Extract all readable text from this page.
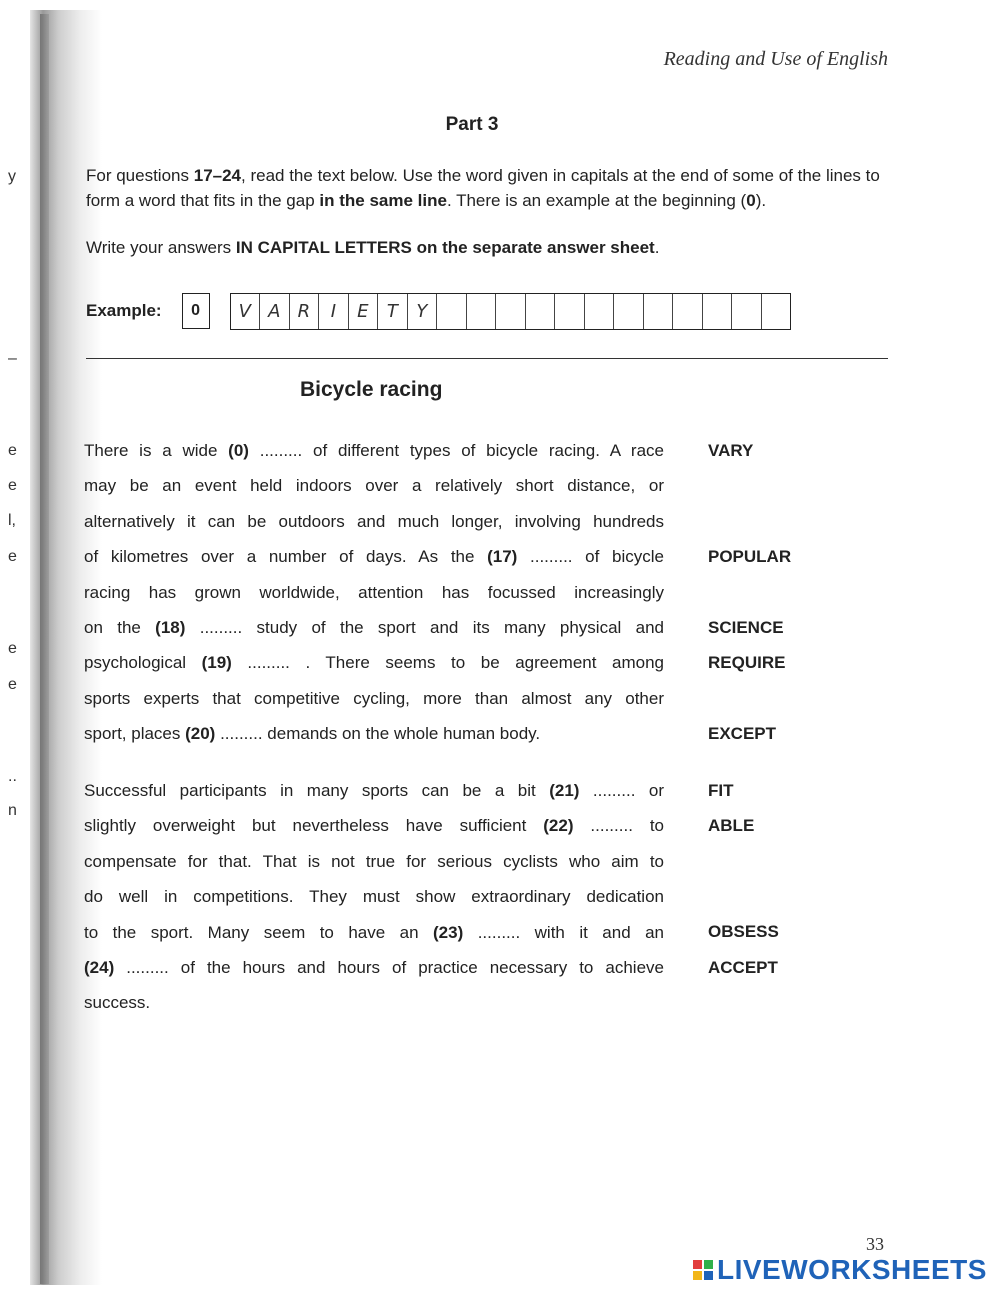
y
–
e
e
l,
e
e
e
..
n
Reading and Use of English
Part 3
For questions 17–24, read the text below. Use the word given in capitals at the end of some of the lines to form a word that fits in the gap in the same line. There is an example at the beginning (0).
Write your answers IN CAPITAL LETTERS on the separate answer sheet.
Example:	0	V A R	I	E	T	Y
Bicycle racing
There is a wide (0) ......... of different types of bicycle racing. A race
may be an event held indoors over a relatively short distance, or
alternatively it can be outdoors and much longer, involving hundreds
of kilometres over a number of days. As the (17) ......... of bicycle
racing has grown worldwide, attention has focussed increasingly
on the (18) ......... study of the sport and its many physical and
psychological (19) ......... . There seems to be agreement among
sports experts that competitive cycling, more than almost any other
sport, places (20) ......... demands on the whole human body.
Successful participants in many sports can be a bit (21) ......... or
slightly overweight but nevertheless have sufficient (22) ......... to
compensate for that. That is not true for serious cyclists who aim to
do well in competitions. They must show extraordinary dedication
to the sport. Many seem to have an (23) ......... with it and an
(24) ......... of the hours and hours of practice necessary to achieve
success.
VARY
POPULAR
SCIENCE
REQUIRE
EXCEPT
FIT
ABLE
OBSESS
ACCEPT
33
LIVEWORKSHEETS
